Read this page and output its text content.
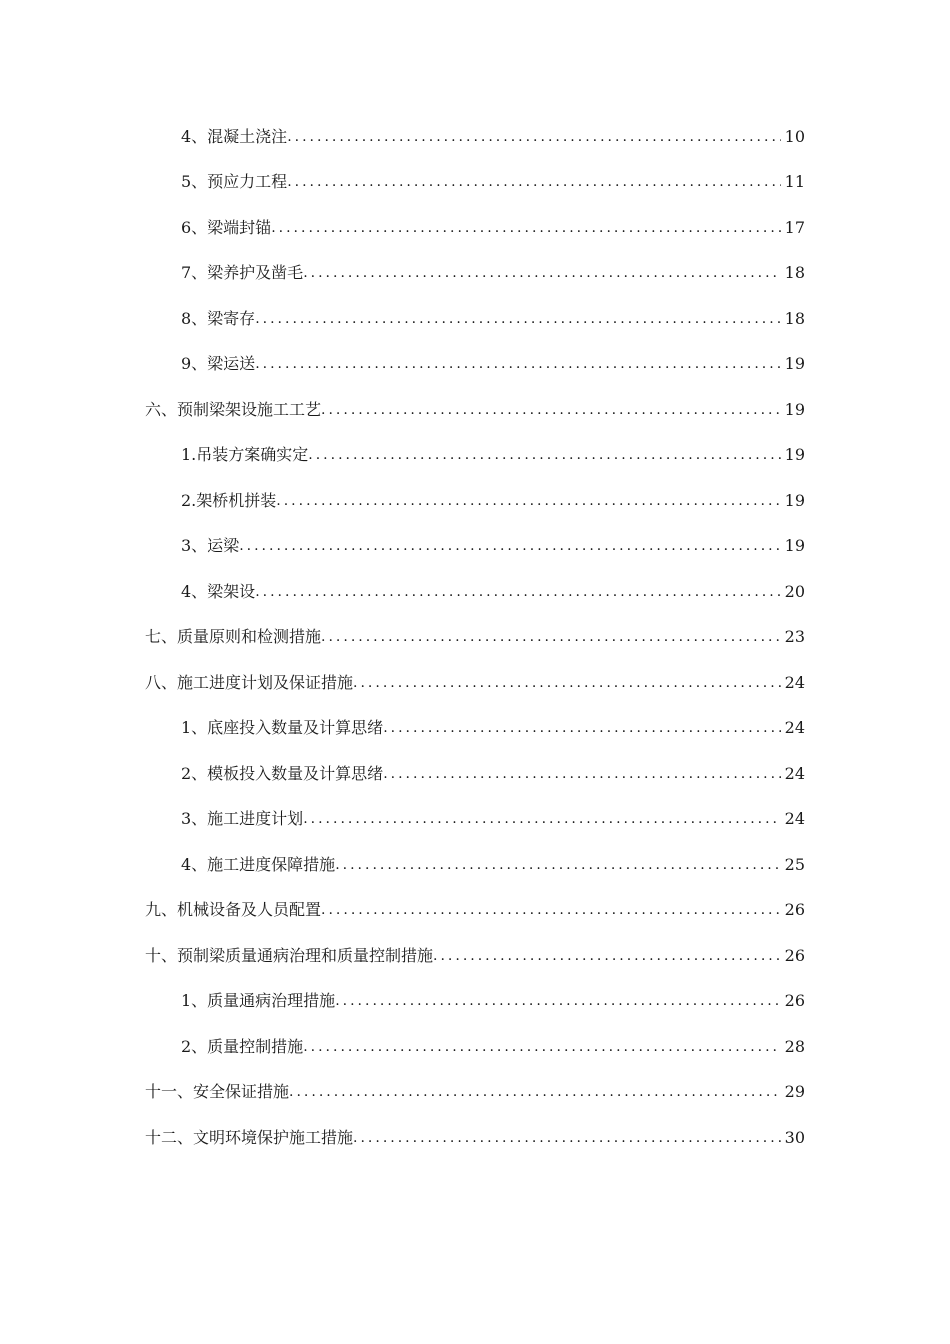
4、混凝土浇注 .....	10
5、预应力工程 .....	11
6、梁端封锚 .....	17
7、梁养护及凿毛 .....	18
8、梁寄存 .....	18
9、梁运送 .....	19
六、预制梁架设施工工艺 .....	19
1.吊装方案确实定 .....	19
2.架桥机拼装 .....	19
3、运梁 .....	19
4、梁架设 .....	20
七、质量原则和检测措施 .....	23
八、施工进度计划及保证措施 .....	24
1、底座投入数量及计算思绪 .....	24
2、模板投入数量及计算思绪 .....	24
3、施工进度计划 .....	24
4、施工进度保障措施 .....	25
九、机械设备及人员配置 .....	26
十、预制梁质量通病治理和质量控制措施 .....	26
1、质量通病治理措施 .....	26
2、质量控制措施 .....	28
十一、安全保证措施 .....	29
十二、文明环境保护施工措施 .....	30
